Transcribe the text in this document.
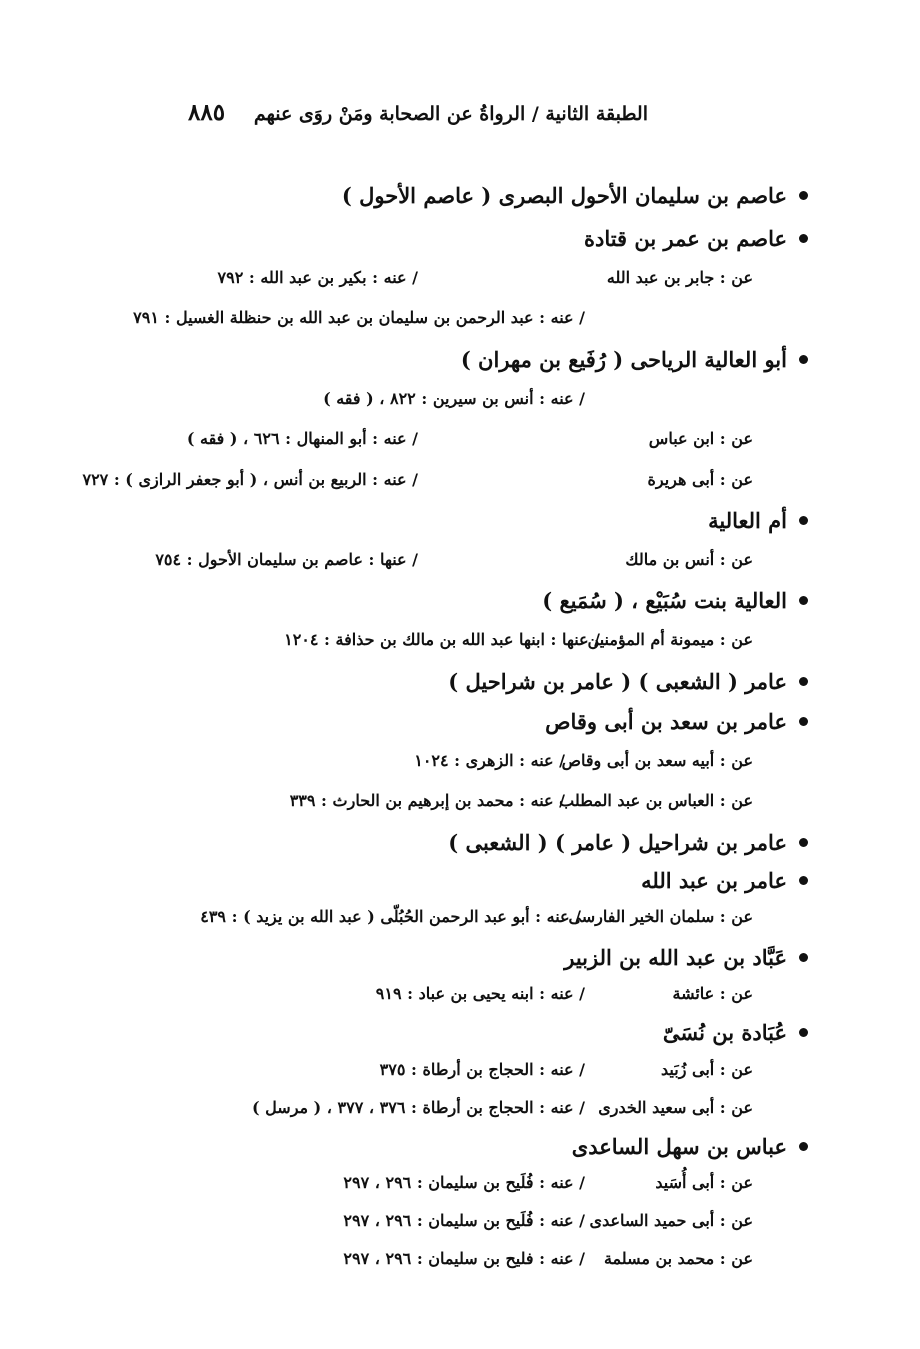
الطبقة الثانية / الرواةُ عن الصحابة ومَنْ روَى عنهم
٨٨٥
عاصم بن سليمان الأحول البصرى ( عاصم الأحول )
عاصم بن عمر بن قتادة
عن : جابر بن عبد الله
/ عنه : بكير بن عبد الله : ٧٩٢
/ عنه : عبد الرحمن بن سليمان بن عبد الله بن حنظلة الغسيل : ٧٩١
أبو العالية الرياحى ( رُفَيع بن مهران )
/ عنه : أنس بن سيرين : ٨٢٢ ، ( فقه )
عن : ابن عباس
/ عنه : أبو المنهال : ٦٢٦ ، ( فقه )
عن : أبى هريرة
/ عنه : الربيع بن أنس ، ( أبو جعفر الرازى ) : ٧٢٧
أم العالية
عن : أنس بن مالك
/ عنها : عاصم بن سليمان الأحول : ٧٥٤
العالية بنت سُبَيْع ، ( سُمَيع )
عن : ميمونة أم المؤمنين
/ عنها : ابنها عبد الله بن مالك بن حذافة : ١٢٠٤
عامر ( الشعبى ) ( عامر بن شراحيل )
عامر بن سعد بن أبى وقاص
عن : أبيه سعد بن أبى وقاص
/ عنه : الزهرى : ١٠٢٤
عن : العباس بن عبد المطلب
/ عنه : محمد بن إبرهيم بن الحارث : ٣٣٩
عامر بن شراحيل ( عامر ) ( الشعبى )
عامر بن عبد الله
عن : سلمان الخير الفارسى
/ عنه : أبو عبد الرحمن الحُبُلّى ( عبد الله بن يزيد ) : ٤٣٩
عَبَّاد بن عبد الله بن الزبير
عن : عائشة
/ عنه : ابنه يحيى بن عباد : ٩١٩
عُبَادة بن نُسَىّ
عن : أبى زُبَيد
/ عنه : الحجاج بن أرطاة : ٣٧٥
عن : أبى سعيد الخدرى
/ عنه : الحجاج بن أرطاة : ٣٧٦ ، ٣٧٧ ، ( مرسل )
عباس بن سهل الساعدى
عن : أبى أُسَيد
/ عنه : فُلَيح بن سليمان : ٢٩٦ ، ٢٩٧
عن : أبى حميد الساعدى
/ عنه : فُلَيح بن سليمان : ٢٩٦ ، ٢٩٧
عن : محمد بن مسلمة
/ عنه : فليح بن سليمان : ٢٩٦ ، ٢٩٧
